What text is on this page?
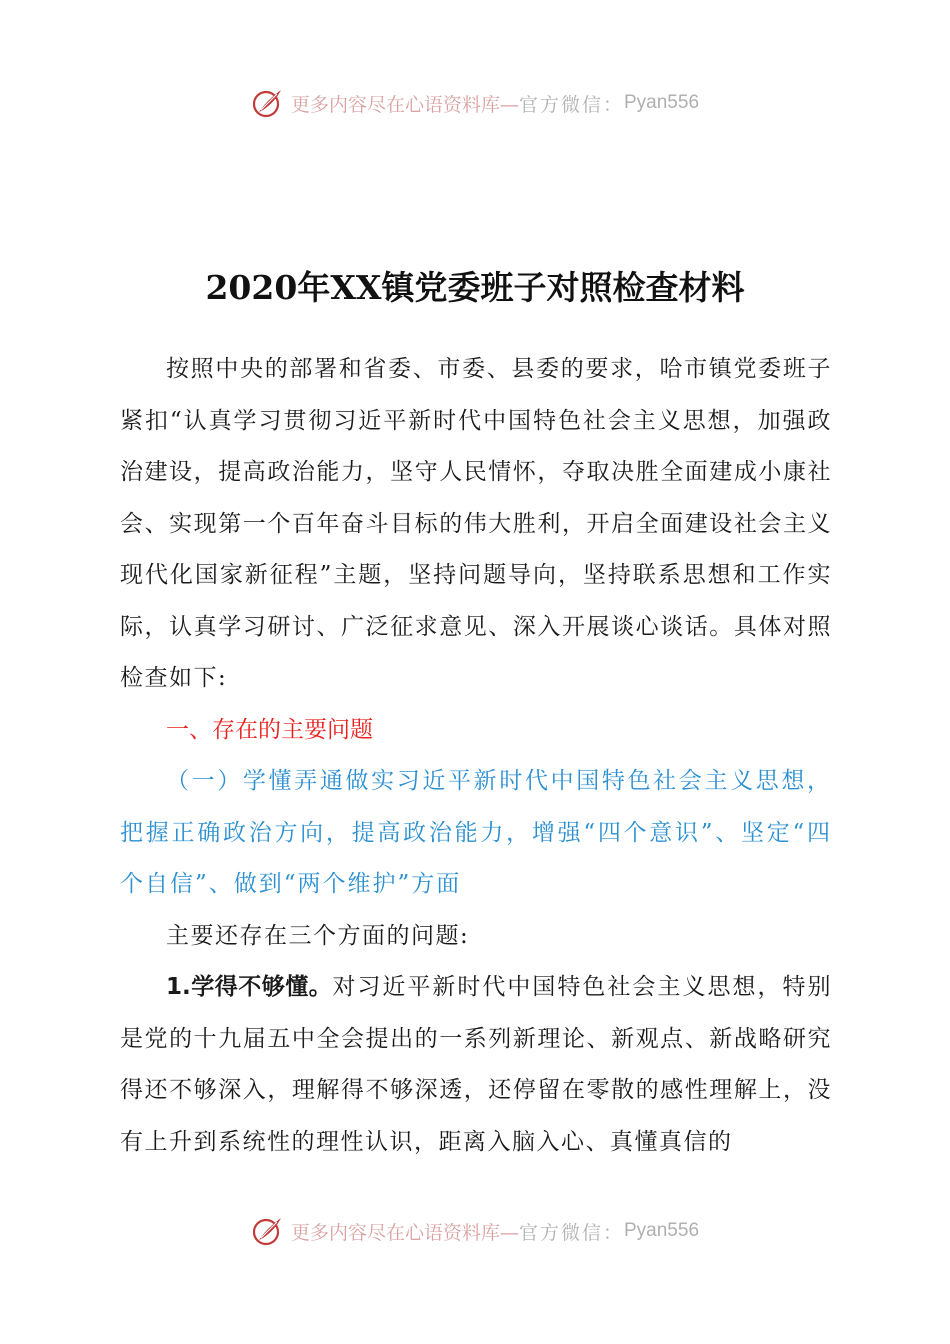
更多内容尽在心语资料库— 官方微信： Pyan556
2020年XX镇党委班子对照检查材料

按照中央的部署和省委、市委、县委的要求，哈市镇党委班子紧扣“认真学习贯彻习近平新时代中国特色社会主义思想，加强政治建设，提高政治能力，坚守人民情怀，夺取决胜全面建成小康社会、实现第一个百年奋斗目标的伟大胜利，开启全面建设社会主义现代化国家新征程”主题，坚持问题导向，坚持联系思想和工作实际，认真学习研讨、广泛征求意见、深入开展谈心谈话。具体对照检查如下:

一、存在的主要问题

（一）学懂弄通做实习近平新时代中国特色社会主义思想，把握正确政治方向，提高政治能力，增强“四个意识”、坚定“四个自信”、做到“两个维护”方面

主要还存在三个方面的问题:

1.学得不够懂。对习近平新时代中国特色社会主义思想，特别是党的十九届五中全会提出的一系列新理论、新观点、新战略研究得还不够深入，理解得不够深透，还停留在零散的感性理解上，没有上升到系统性的理性认识，距离入脑入心、真懂真信的

更多内容尽在心语资料库— 官方微信： Pyan556
